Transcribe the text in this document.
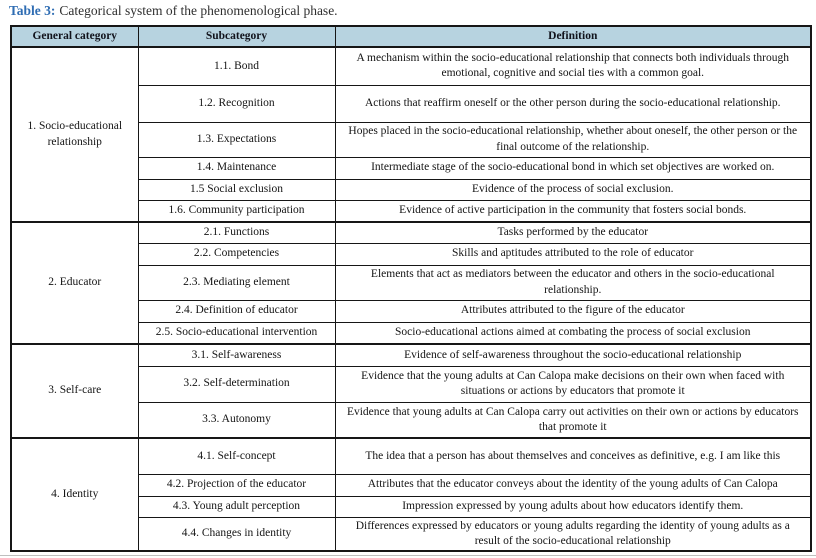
Table 3: Categorical system of the phenomenological phase.
General category	Subcategory	Definition
1. Socio-educational relationship	1.1. Bond	A mechanism within the socio-educational relationship that connects both individuals through emotional, cognitive and social ties with a common goal.
	1.2. Recognition	Actions that reaffirm oneself or the other person during the socio-educational relationship.
	1.3. Expectations	Hopes placed in the socio-educational relationship, whether about oneself, the other person or the final outcome of the relationship.
	1.4. Maintenance	Intermediate stage of the socio-educational bond in which set objectives are worked on.
	1.5 Social exclusion	Evidence of the process of social exclusion.
	1.6. Community participation	Evidence of active participation in the community that fosters social bonds.
2. Educator	2.1. Functions	Tasks performed by the educator
	2.2. Competencies	Skills and aptitudes attributed to the role of educator
	2.3. Mediating element	Elements that act as mediators between the educator and others in the socio-educational relationship.
	2.4. Definition of educator	Attributes attributed to the figure of the educator
	2.5. Socio-educational intervention	Socio-educational actions aimed at combating the process of social exclusion
3. Self-care	3.1. Self-awareness	Evidence of self-awareness throughout the socio-educational relationship
	3.2. Self-determination	Evidence that the young adults at Can Calopa make decisions on their own when faced with situations or actions by educators that promote it
	3.3. Autonomy	Evidence that young adults at Can Calopa carry out activities on their own or actions by educators that promote it
4. Identity	4.1. Self-concept	The idea that a person has about themselves and conceives as definitive, e.g. I am like this
	4.2. Projection of the educator	Attributes that the educator conveys about the identity of the young adults of Can Calopa
	4.3. Young adult perception	Impression expressed by young adults about how educators identify them.
	4.4. Changes in identity	Differences expressed by educators or young adults regarding the identity of young adults as a result of the socio-educational relationship
